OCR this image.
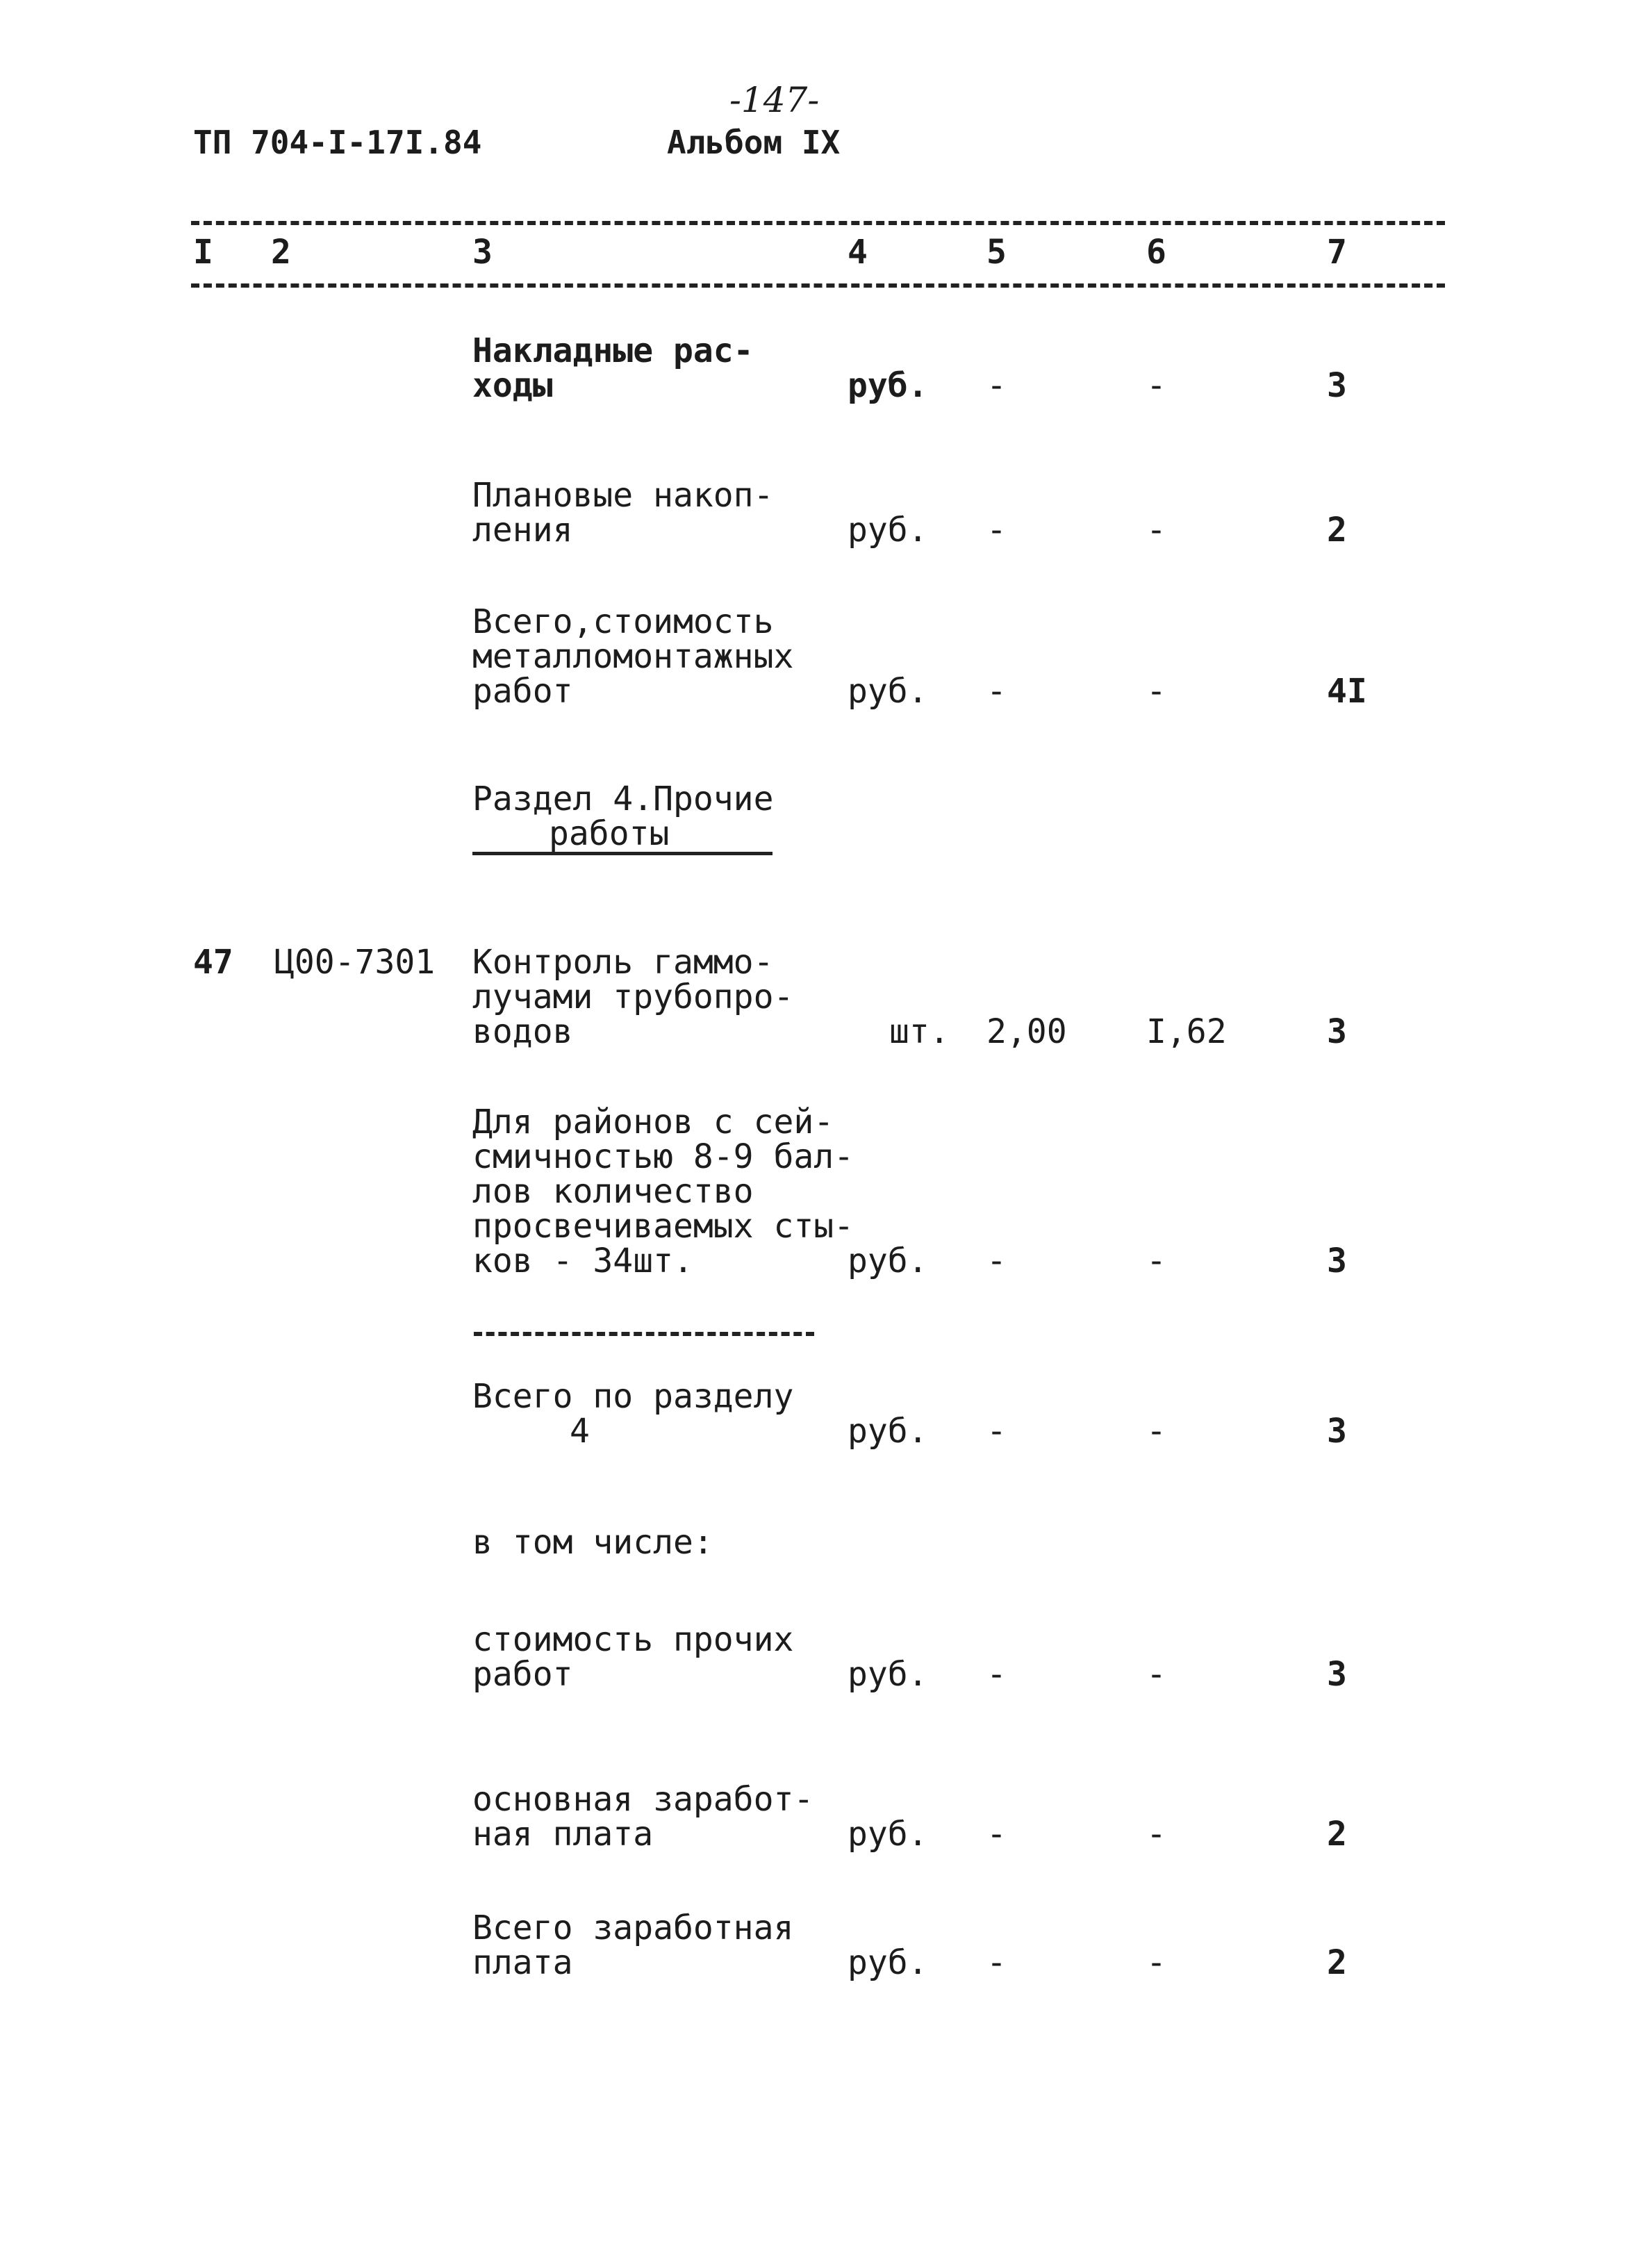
-147-
ТП 704-I-17I.84	Альбом IX
I 2	3	4	5	6	7
Накладные рас-
ходы	руб. -	-	3
Плановые накоп-
ления	руб. -	-	2
Всего,стоимость
металломонтажных
работ	руб. -	-	4I
Раздел 4.Прочие
работы
47 Ц00-7301 Контроль гаммо-
лучами трубопро-
водов	шт. 2,00 I,62	3
Для районов с сей-
смичностью 8-9 бал-
лов количество
просвечиваемых сты-
ков - 34шт.	руб. -	-	3
Всего по разделу
4	руб. -	-	3
в том числе:
стоимость прочих
работ	руб. -	-	3
основная заработ-
ная плата	руб. -	-	2
Всего заработная
плата	руб. -	-	2
